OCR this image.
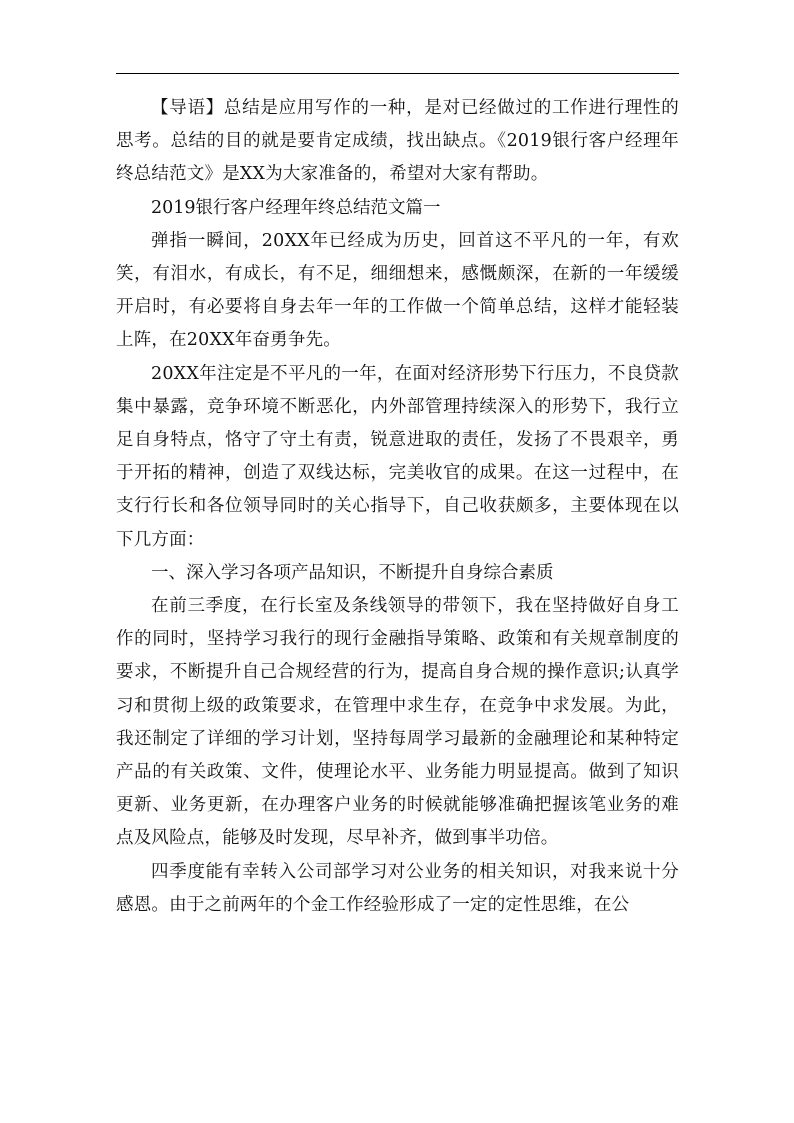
【导语】总结是应用写作的一种，是对已经做过的工作进行理性的思考。总结的目的就是要肯定成绩，找出缺点。《2019银行客户经理年终总结范文》是XX为大家准备的，希望对大家有帮助。

2019银行客户经理年终总结范文篇一

弹指一瞬间，20XX年已经成为历史，回首这不平凡的一年，有欢笑，有泪水，有成长，有不足，细细想来，感慨颇深，在新的一年缓缓开启时，有必要将自身去年一年的工作做一个简单总结，这样才能轻装上阵，在20XX年奋勇争先。

20XX年注定是不平凡的一年，在面对经济形势下行压力，不良贷款集中暴露，竞争环境不断恶化，内外部管理持续深入的形势下，我行立足自身特点，恪守了守土有责，锐意进取的责任，发扬了不畏艰辛，勇于开拓的精神，创造了双线达标，完美收官的成果。在这一过程中，在支行行长和各位领导同时的关心指导下，自己收获颇多，主要体现在以下几方面：

一、深入学习各项产品知识，不断提升自身综合素质

在前三季度，在行长室及条线领导的带领下，我在坚持做好自身工作的同时，坚持学习我行的现行金融指导策略、政策和有关规章制度的要求，不断提升自己合规经营的行为，提高自身合规的操作意识;认真学习和贯彻上级的政策要求，在管理中求生存，在竞争中求发展。为此，我还制定了详细的学习计划，坚持每周学习最新的金融理论和某种特定产品的有关政策、文件，使理论水平、业务能力明显提高。做到了知识更新、业务更新，在办理客户业务的时候就能够准确把握该笔业务的难点及风险点，能够及时发现，尽早补齐，做到事半功倍。

四季度能有幸转入公司部学习对公业务的相关知识，对我来说十分感恩。由于之前两年的个金工作经验形成了一定的定性思维，在公
